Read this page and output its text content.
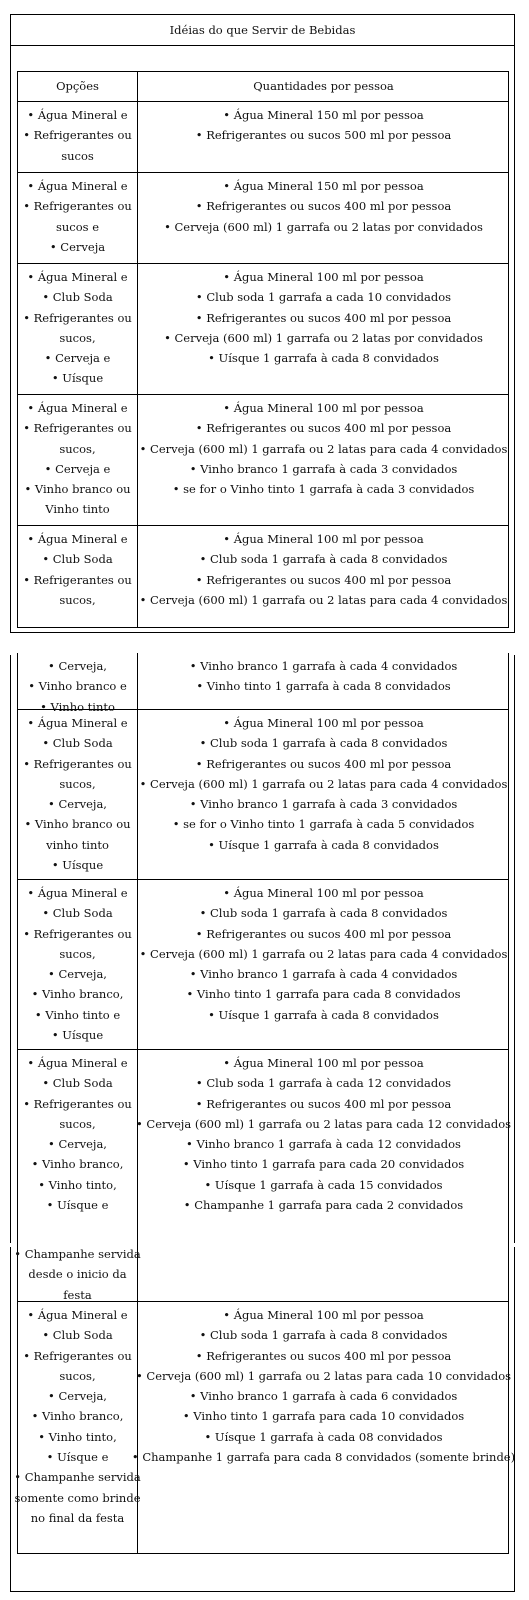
Idéias do que Servir de Bebidas
Opções	Quantidades por pessoa
• Água Mineral e
• Refrigerantes ou
sucos
• Água Mineral 150 ml por pessoa
• Refrigerantes ou sucos 500 ml por pessoa
• Água Mineral e
• Refrigerantes ou
sucos e
• Cerveja
• Água Mineral 150 ml por pessoa
• Refrigerantes ou sucos 400 ml por pessoa
• Cerveja (600 ml) 1 garrafa ou 2 latas por convidados
• Água Mineral e
• Club Soda
• Refrigerantes ou
sucos,
• Cerveja e
• Uísque
• Água Mineral 100 ml por pessoa
• Club soda 1 garrafa a cada 10 convidados
• Refrigerantes ou sucos 400 ml por pessoa
• Cerveja (600 ml) 1 garrafa ou 2 latas por convidados
• Uísque 1 garrafa à cada 8 convidados
• Água Mineral e
• Refrigerantes ou
sucos,
• Cerveja e
• Vinho branco ou
Vinho tinto
• Água Mineral 100 ml por pessoa
• Refrigerantes ou sucos 400 ml por pessoa
• Cerveja (600 ml) 1 garrafa ou 2 latas para cada 4 convidados
• Vinho branco 1 garrafa à cada 3 convidados
• se for o Vinho tinto 1 garrafa à cada 3 convidados
• Água Mineral e
• Club Soda
• Refrigerantes ou
sucos,
• Água Mineral 100 ml por pessoa
• Club soda 1 garrafa à cada 8 convidados
• Refrigerantes ou sucos 400 ml por pessoa
• Cerveja (600 ml) 1 garrafa ou 2 latas para cada 4 convidados
• Cerveja,
• Vinho branco e
• Vinho tinto
• Vinho branco 1 garrafa à cada 4 convidados
• Vinho tinto 1 garrafa à cada 8 convidados
• Água Mineral e
• Club Soda
• Refrigerantes ou
sucos,
• Cerveja,
• Vinho branco ou
vinho tinto
• Uísque
• Água Mineral 100 ml por pessoa
• Club soda 1 garrafa à cada 8 convidados
• Refrigerantes ou sucos 400 ml por pessoa
• Cerveja (600 ml) 1 garrafa ou 2 latas para cada 4 convidados
• Vinho branco 1 garrafa à cada 3 convidados
• se for o Vinho tinto 1 garrafa à cada 5 convidados
• Uísque 1 garrafa à cada 8 convidados
• Água Mineral e
• Club Soda
• Refrigerantes ou
sucos,
• Cerveja,
• Vinho branco,
• Vinho tinto e
• Uísque
• Água Mineral 100 ml por pessoa
• Club soda 1 garrafa à cada 8 convidados
• Refrigerantes ou sucos 400 ml por pessoa
• Cerveja (600 ml) 1 garrafa ou 2 latas para cada 4 convidados
• Vinho branco 1 garrafa à cada 4 convidados
• Vinho tinto 1 garrafa para cada 8 convidados
• Uísque 1 garrafa à cada 8 convidados
• Água Mineral e
• Club Soda
• Refrigerantes ou
sucos,
• Cerveja,
• Vinho branco,
• Vinho tinto,
• Uísque e
• Água Mineral 100 ml por pessoa
• Club soda 1 garrafa à cada 12 convidados
• Refrigerantes ou sucos 400 ml por pessoa
• Cerveja (600 ml) 1 garrafa ou 2 latas para cada 12 convidados
• Vinho branco 1 garrafa à cada 12 convidados
• Vinho tinto 1 garrafa para cada 20 convidados
• Uísque 1 garrafa à cada 15 convidados
• Champanhe 1 garrafa para cada 2 convidados
• Champanhe servida
desde o inicio da
festa
• Água Mineral e
• Club Soda
• Refrigerantes ou
sucos,
• Cerveja,
• Vinho branco,
• Vinho tinto,
• Uísque e
• Champanhe servida
somente como brinde
no final da festa
• Água Mineral 100 ml por pessoa
• Club soda 1 garrafa à cada 8 convidados
• Refrigerantes ou sucos 400 ml por pessoa
• Cerveja (600 ml) 1 garrafa ou 2 latas para cada 10 convidados
• Vinho branco 1 garrafa à cada 6 convidados
• Vinho tinto 1 garrafa para cada 10 convidados
• Uísque 1 garrafa à cada 08 convidados
• Champanhe 1 garrafa para cada 8 convidados (somente brinde)
